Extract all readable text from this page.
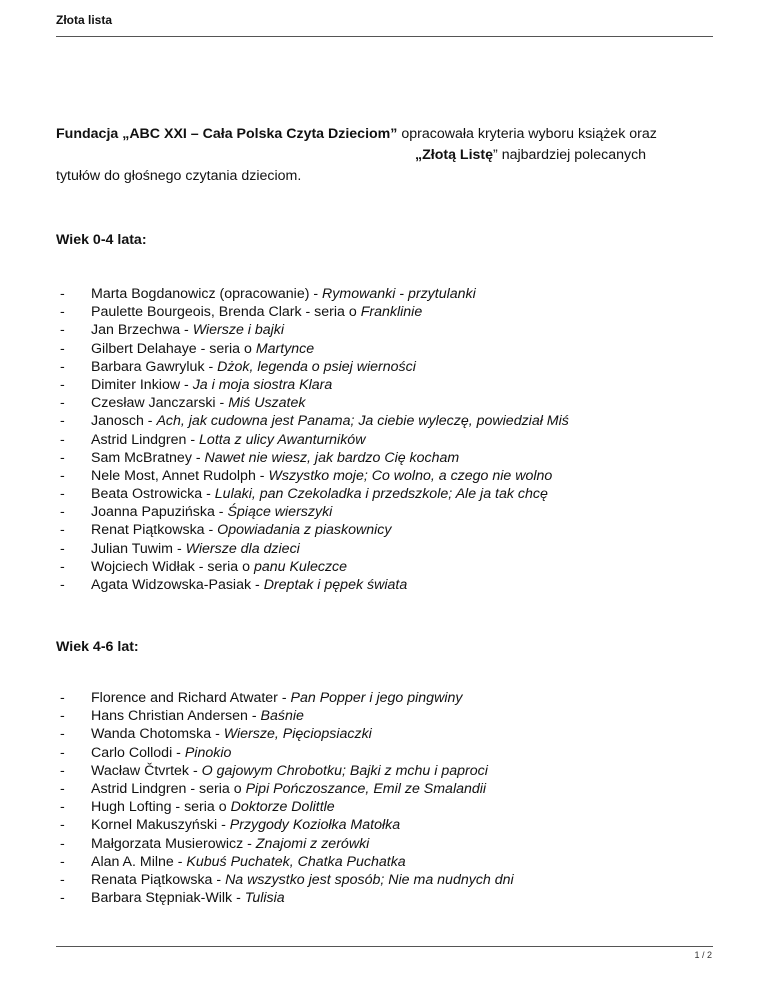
Złota lista
Fundacja „ABC XXI – Cała Polska Czyta Dzieciom” opracowała kryteria wyboru książek oraz
„Złotą Listę” najbardziej polecanych
tytułów do głośnego czytania dzieciom.
Wiek 0-4 lata:
- Marta Bogdanowicz (opracowanie) - Rymowanki - przytulanki
- Paulette Bourgeois, Brenda Clark - seria o Franklinie
- Jan Brzechwa - Wiersze i bajki
- Gilbert Delahaye - seria o Martynce
- Barbara Gawryluk - Dżok, legenda o psiej wierności
- Dimiter Inkiow - Ja i moja siostra Klara
- Czesław Janczarski - Miś Uszatek
- Janosch - Ach, jak cudowna jest Panama; Ja ciebie wyleczę, powiedział Miś
- Astrid Lindgren - Lotta z ulicy Awanturników
- Sam McBratney - Nawet nie wiesz, jak bardzo Cię kocham
- Nele Most, Annet Rudolph - Wszystko moje; Co wolno, a czego nie wolno
- Beata Ostrowicka - Lulaki, pan Czekoladka i przedszkole; Ale ja tak chcę
- Joanna Papuzińska - Śpiące wierszyki
- Renat Piątkowska - Opowiadania z piaskownicy
- Julian Tuwim - Wiersze dla dzieci
- Wojciech Widłak - seria o panu Kuleczce
- Agata Widzowska-Pasiak - Dreptak i pępek świata
Wiek 4-6 lat:
- Florence and Richard Atwater - Pan Popper i jego pingwiny
- Hans Christian Andersen - Baśnie
- Wanda Chotomska - Wiersze, Pięciopsiaczki
- Carlo Collodi - Pinokio
- Wacław Čtvrtek - O gajowym Chrobotku; Bajki z mchu i paproci
- Astrid Lindgren - seria o Pipi Pończoszance, Emil ze Smalandii
- Hugh Lofting - seria o Doktorze Dolittle
- Kornel Makuszyński - Przygody Koziołka Matołka
- Małgorzata Musierowicz - Znajomi z zerówki
- Alan A. Milne - Kubuś Puchatek, Chatka Puchatka
- Renata Piątkowska - Na wszystko jest sposób; Nie ma nudnych dni
- Barbara Stępniak-Wilk - Tulisia
1 / 2
